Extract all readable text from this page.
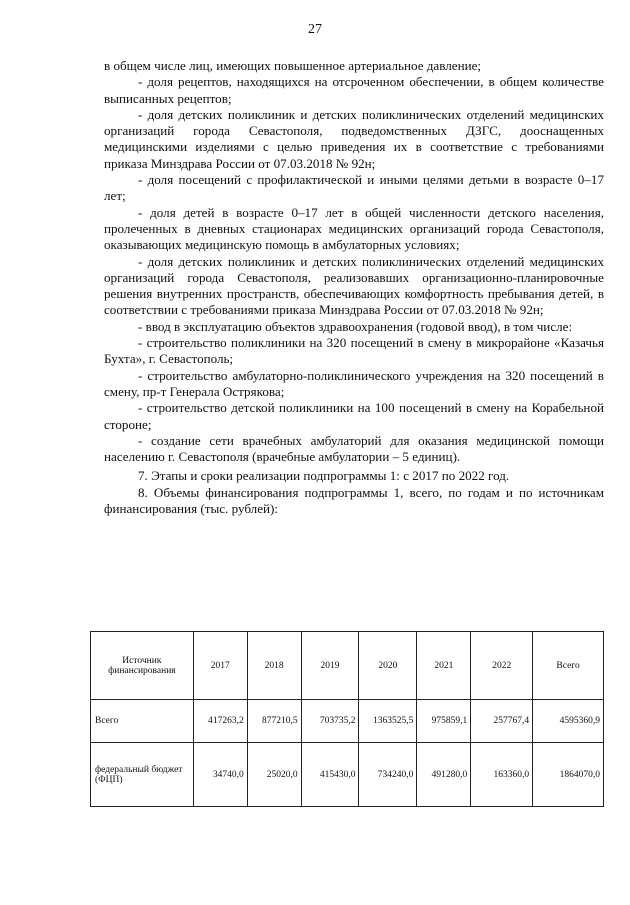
27

в общем числе лиц, имеющих повышенное артериальное давление;

- доля рецептов, находящихся на отсроченном обеспечении, в общем количестве выписанных рецептов;

- доля детских поликлиник и детских поликлинических отделений медицинских организаций города Севастополя, подведомственных ДЗГС, дооснащенных медицинскими изделиями с целью приведения их в соответствие с требованиями приказа Минздрава России от 07.03.2018 № 92н;

- доля посещений с профилактической и иными целями детьми в возрасте 0–17 лет;

- доля детей в возрасте 0–17 лет в общей численности детского населения, пролеченных в дневных стационарах медицинских организаций города Севастополя, оказывающих медицинскую помощь в амбулаторных условиях;

- доля детских поликлиник и детских поликлинических отделений медицинских организаций города Севастополя, реализовавших организационно-планировочные решения внутренних пространств, обеспечивающих комфортность пребывания детей, в соответствии с требованиями приказа Минздрава России от 07.03.2018 № 92н;

- ввод в эксплуатацию объектов здравоохранения (годовой ввод), в том числе:

- строительство поликлиники на 320 посещений в смену в микрорайоне «Казачья Бухта», г. Севастополь;

- строительство амбулаторно-поликлинического учреждения на 320 посещений в смену, пр-т Генерала Острякова;

- строительство детской поликлиники на 100 посещений в смену на Корабельной стороне;

- создание сети врачебных амбулаторий для оказания медицинской помощи населению г. Севастополя (врачебные амбулатории – 5 единиц).

7. Этапы и сроки реализации подпрограммы 1: с 2017 по 2022 год.

8. Объемы финансирования подпрограммы 1, всего, по годам и по источникам финансирования (тыс. рублей):

Источник финансирования	2017	2018	2019	2020	2021	2022	Всего
Всего	417263,2	877210,5	703735,2	1363525,5	975859,1	257767,4	4595360,9
федеральный бюджет (ФЦП)	34740,0	25020,0	415430,0	734240,0	491280,0	163360,0	1864070,0
